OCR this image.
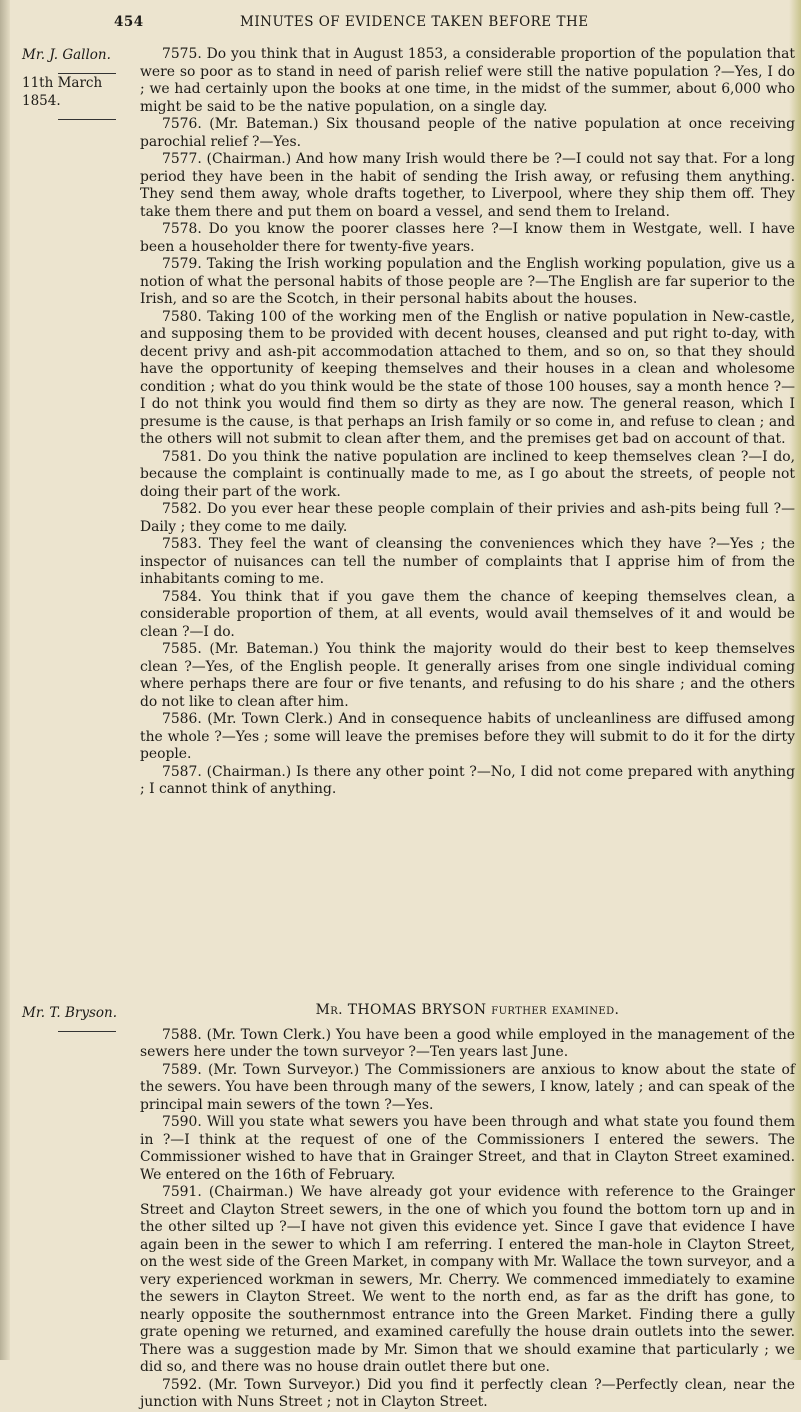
454	MINUTES OF EVIDENCE TAKEN BEFORE THE
Mr. J. Gallon.
11th March 1854.

7575. Do you think that in August 1853, a considerable proportion of the population that were so poor as to stand in need of parish relief were still the native population ?—Yes, I do ; we had certainly upon the books at one time, in the midst of the summer, about 6,000 who might be said to be the native population, on a single day.

7576. (Mr. Bateman.) Six thousand people of the native population at once receiving parochial relief ?—Yes.

7577. (Chairman.) And how many Irish would there be ?—I could not say that. For a long period they have been in the habit of sending the Irish away, or refusing them anything. They send them away, whole drafts together, to Liverpool, where they ship them off. They take them there and put them on board a vessel, and send them to Ireland.

7578. Do you know the poorer classes here ?—I know them in Westgate, well. I have been a householder there for twenty-five years.

7579. Taking the Irish working population and the English working population, give us a notion of what the personal habits of those people are ?—The English are far superior to the Irish, and so are the Scotch, in their personal habits about the houses.

7580. Taking 100 of the working men of the English or native population in New-castle, and supposing them to be provided with decent houses, cleansed and put right to-day, with decent privy and ash-pit accommodation attached to them, and so on, so that they should have the opportunity of keeping themselves and their houses in a clean and wholesome condition ; what do you think would be the state of those 100 houses, say a month hence ?—I do not think you would find them so dirty as they are now. The general reason, which I presume is the cause, is that perhaps an Irish family or so come in, and refuse to clean ; and the others will not submit to clean after them, and the premises get bad on account of that.

7581. Do you think the native population are inclined to keep themselves clean ?—I do, because the complaint is continually made to me, as I go about the streets, of people not doing their part of the work.

7582. Do you ever hear these people complain of their privies and ash-pits being full ?—Daily ; they come to me daily.

7583. They feel the want of cleansing the conveniences which they have ?—Yes ; the inspector of nuisances can tell the number of complaints that I apprise him of from the inhabitants coming to me.

7584. You think that if you gave them the chance of keeping themselves clean, a considerable proportion of them, at all events, would avail themselves of it and would be clean ?—I do.

7585. (Mr. Bateman.) You think the majority would do their best to keep themselves clean ?—Yes, of the English people. It generally arises from one single individual coming where perhaps there are four or five tenants, and refusing to do his share ; and the others do not like to clean after him.

7586. (Mr. Town Clerk.) And in consequence habits of uncleanliness are diffused among the whole ?—Yes ; some will leave the premises before they will submit to do it for the dirty people.

7587. (Chairman.) Is there any other point ?—No, I did not come prepared with anything ; I cannot think of anything.

Mr. T. Bryson.	Mr. THOMAS BRYSON further examined.

7588. (Mr. Town Clerk.) You have been a good while employed in the management of the sewers here under the town surveyor ?—Ten years last June.

7589. (Mr. Town Surveyor.) The Commissioners are anxious to know about the state of the sewers. You have been through many of the sewers, I know, lately ; and can speak of the principal main sewers of the town ?—Yes.

7590. Will you state what sewers you have been through and what state you found them in ?—I think at the request of one of the Commissioners I entered the sewers. The Commissioner wished to have that in Grainger Street, and that in Clayton Street examined. We entered on the 16th of February.

7591. (Chairman.) We have already got your evidence with reference to the Grainger Street and Clayton Street sewers, in the one of which you found the bottom torn up and in the other silted up ?—I have not given this evidence yet. Since I gave that evidence I have again been in the sewer to which I am referring. I entered the man-hole in Clayton Street, on the west side of the Green Market, in company with Mr. Wallace the town surveyor, and a very experienced workman in sewers, Mr. Cherry. We commenced immediately to examine the sewers in Clayton Street. We went to the north end, as far as the drift has gone, to nearly opposite the southernmost entrance into the Green Market. Finding there a gully grate opening we returned, and examined carefully the house drain outlets into the sewer. There was a suggestion made by Mr. Simon that we should examine that particularly ; we did so, and there was no house drain outlet there but one.

7592. (Mr. Town Surveyor.) Did you find it perfectly clean ?—Perfectly clean, near the junction with Nuns Street ; not in Clayton Street.
